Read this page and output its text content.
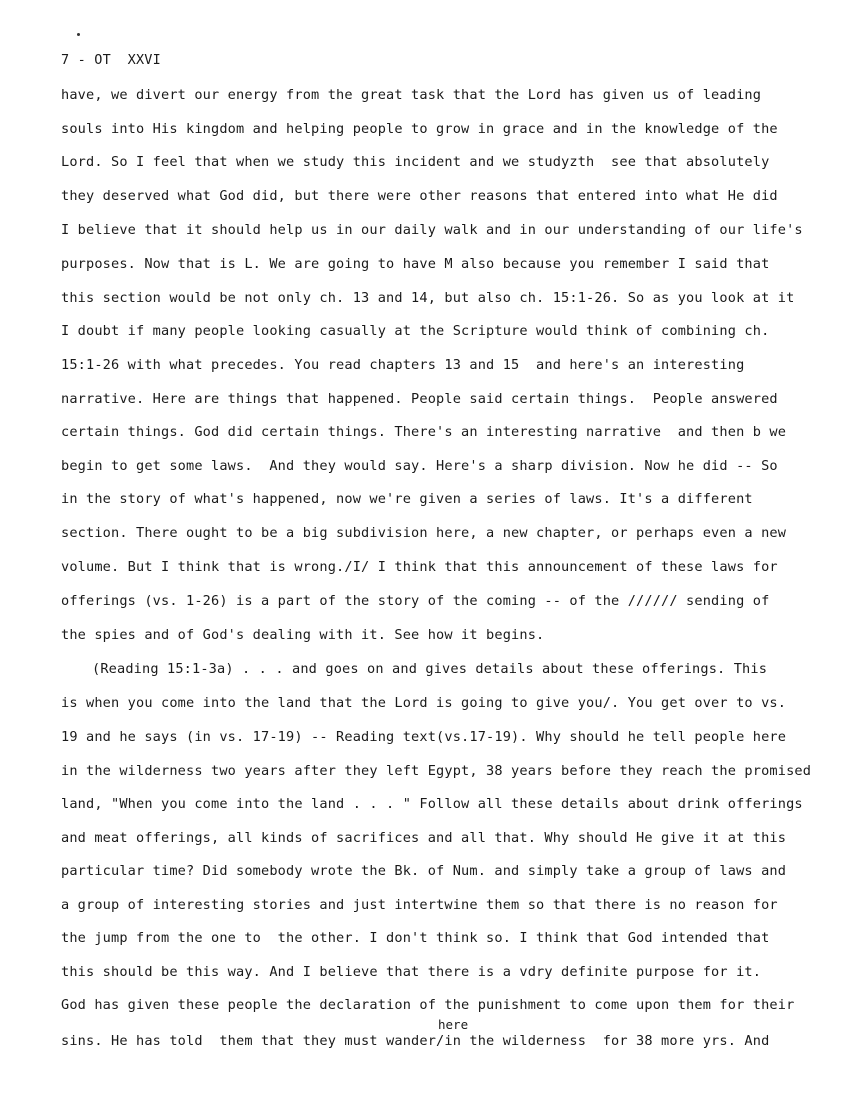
7 - OT  XXVI
have, we divert our energy from the great task that the Lord has given us of leading
souls into His kingdom and helping people to grow in grace and in the knowledge of the
Lord. So I feel that when we study this incident and we studyzth  see that absolutely
they deserved what God did, but there were other reasons that entered into what He did
I believe that it should help us in our daily walk and in our understanding of our life's
purposes. Now that is L. We are going to have M also because you remember I said that
this section would be not only ch. 13 and 14, but also ch. 15:1-26. So as you look at it
I doubt if many people looking casually at the Scripture would think of combining ch.
15:1-26 with what precedes. You read chapters 13 and 15  and here's an interesting
narrative. Here are things that happened. People said certain things.  People answered
certain things. God did certain things. There's an interesting narrative  and then b we
begin to get some laws.  And they would say. Here's a sharp division. Now he did -- So
in the story of what's happened, now we're given a series of laws. It's a different
section. There ought to be a big subdivision here, a new chapter, or perhaps even a new
volume. But I think that is wrong./I/ I think that this announcement of these laws for
offerings (vs. 1-26) is a part of the story of the coming -- of the ////// sending of
the spies and of God's dealing with it. See how it begins.
(Reading 15:1-3a) . . . and goes on and gives details about these offerings. This
is when you come into the land that the Lord is going to give you/. You get over to vs.
19 and he says (in vs. 17-19) -- Reading text(vs.17-19). Why should he tell people here
in the wilderness two years after they left Egypt, 38 years before they reach the promised
land, "When you come into the land . . . " Follow all these details about drink offerings
and meat offerings, all kinds of sacrifices and all that. Why should He give it at this
particular time? Did somebody wrote the Bk. of Num. and simply take a group of laws and
a group of interesting stories and just intertwine them so that there is no reason for
the jump from the one to  the other. I don't think so. I think that God intended that
this should be this way. And I believe that there is a vdry definite purpose for it.
God has given these people the declaration of the punishment to come upon them for their
here
sins. He has told  them that they must wander/in the wilderness  for 38 more yrs. And
